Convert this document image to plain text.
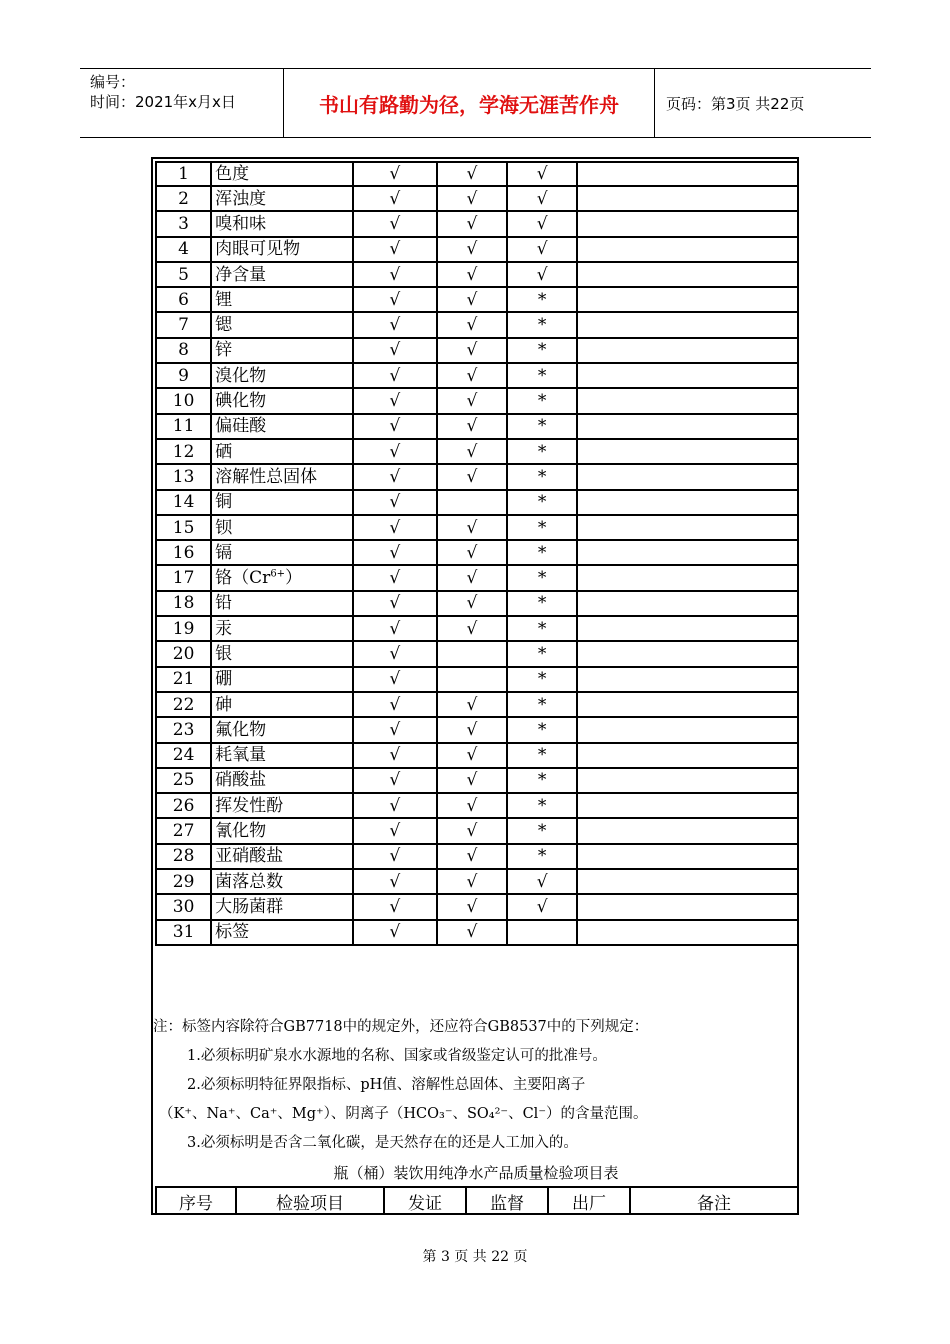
编号：
时间：2021年x月x日	书山有路勤为径，学海无涯苦作舟	页码：第3页 共22页
1	色度	√	√	√	
2	浑浊度	√	√	√	
3	嗅和味	√	√	√	
4	肉眼可见物	√	√	√	
5	净含量	√	√	√	
6	锂	√	√	*	
7	锶	√	√	*	
8	锌	√	√	*	
9	溴化物	√	√	*	
10	碘化物	√	√	*	
11	偏硅酸	√	√	*	
12	硒	√	√	*	
13	溶解性总固体	√	√	*	
14	铜	√		*	
15	钡	√	√	*	
16	镉	√	√	*	
17	铬$(Cr^{6+})$	√	√	*	
18	铅	√	√	*	
19	汞	√	√	*	
20	银	√		*	
21	硼	√		*	
22	砷	√	√	*	
23	氟化物	√	√	*	
24	耗氧量	√	√	*	
25	硝酸盐	√	√	*	
26	挥发性酚	√	√	*	
27	氰化物	√	√	*	
28	亚硝酸盐	√	√	*	
29	菌落总数	√	√	√	
30	大肠菌群	√	√	√	
31	标签	√	√		
注：标签内容除符合GB7718中的规定外，还应符合GB8537中的下列规定：
1.必须标明矿泉水水源地的名称、国家或省级鉴定认可的批准号。
2.必须标明特征界限指标、pH值、溶解性总固体、主要阳离子
（K⁺、Na⁺、Ca⁺、Mg⁺）、阴离子（HCO₃⁻、SO₄²⁻、Cl⁻）的含量范围。
3.必须标明是否含二氧化碳，是天然存在的还是人工加入的。
瓶（桶）装饮用纯净水产品质量检验项目表
序号	检验项目	发证	监督	出厂	备注
第 3 页 共 22 页
